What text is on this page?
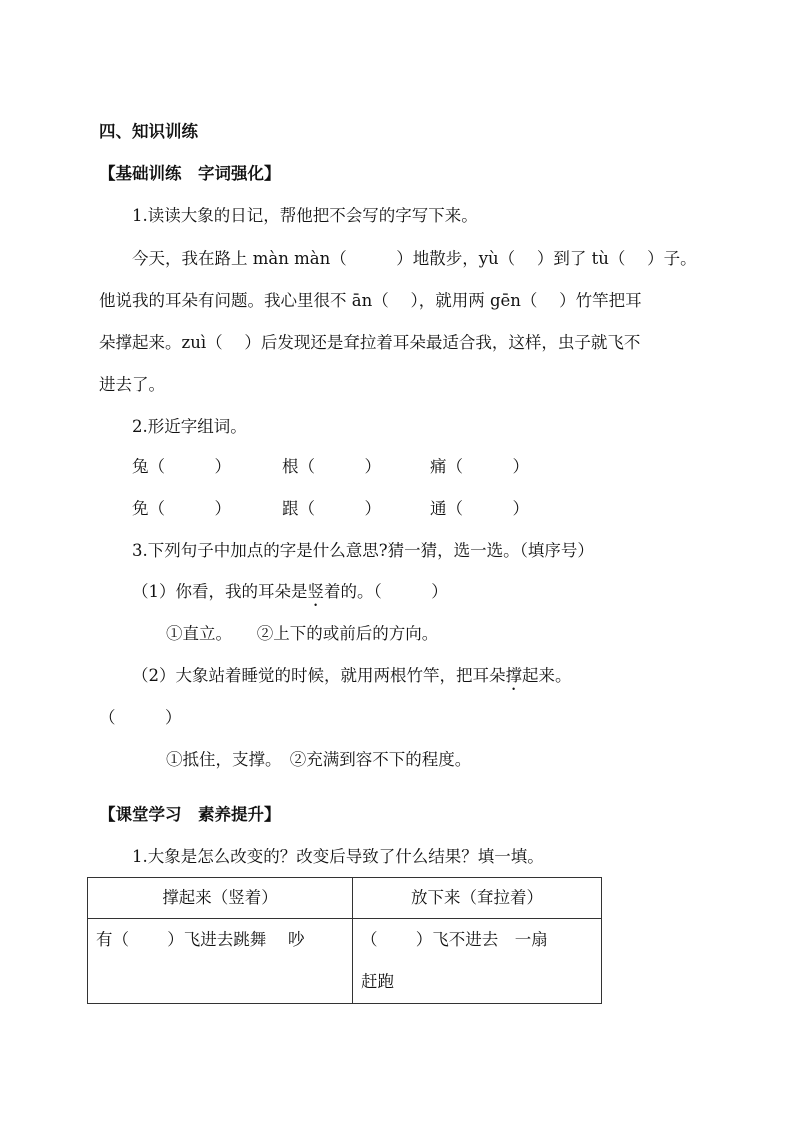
四、知识训练
【基础训练　字词强化】
1.读读大象的日记，帮他把不会写的字写下来。
今天，我在路上 màn màn（　　　）地散步，yù（　 ）到了 tù（　 ）子。
他说我的耳朵有问题。我心里很不 ān（　 ），就用两 gēn（　 ）竹竿把耳
朵撑起来。zuì（　 ）后发现还是耷拉着耳朵最适合我，这样，虫子就飞不
进去了。
2.形近字组词。
兔（　　　）	根（　　　）	痛（　　　）
免（　　　）	跟（　　　）	通（　　　）
3.下列句子中加点的字是什么意思?猜一猜，选一选。（填序号）
（1）你看，我的耳朵是竖着的。（　　　）
①直立。　　②上下的或前后的方向。
（2）大象站着睡觉的时候，就用两根竹竿，把耳朵撑起来。
（　　　）
①抵住，支撑。　②充满到容不下的程度。
【课堂学习　素养提升】
1.大象是怎么改变的？改变后导致了什么结果？填一填。
撑起来（竖着）	放下来（耷拉着）

有（　　 ）飞进去跳舞　 吵	（　　 ）飞不进去　一扇
赶跑
